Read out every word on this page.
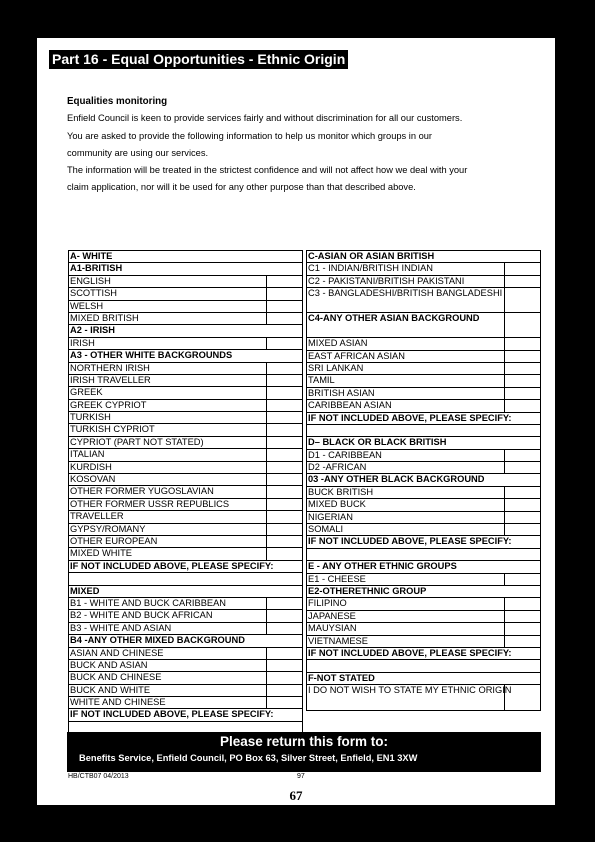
Part 16 - Equal Opportunities - Ethnic Origin
Equalities monitoring
Enfield Council is keen to provide services fairly and without discrimination for all our customers.
You are asked to provide the following information to help us monitor which groups in our
community are using our services.
The information will be treated in the strictest confidence and will not affect how we deal with your
claim application, nor will it be used for any other purpose than that described above.
A- WHITE
A1-BRITISH
ENGLISH
SCOTTISH
WELSH
MIXED BRITISH
A2 - IRISH
IRISH
A3 - OTHER WHITE BACKGROUNDS
NORTHERN IRISH
IRISH TRAVELLER
GREEK
GREEK CYPRIOT
TURKISH
TURKISH CYPRIOT
CYPRIOT (PART NOT STATED)
ITALIAN
KURDISH
KOSOVAN
OTHER FORMER YUGOSLAVIAN
OTHER FORMER USSR REPUBLICS
TRAVELLER
GYPSY/ROMANY
OTHER EUROPEAN
MIXED WHITE
IF NOT INCLUDED ABOVE, PLEASE SPECIFY:
MIXED
B1 - WHITE AND BUCK CARIBBEAN
B2 - WHITE AND BUCK AFRICAN
B3 - WHITE AND ASIAN
B4 -ANY OTHER MIXED BACKGROUND
ASIAN AND CHINESE
BUCK AND ASIAN
BUCK AND CHINESE
BUCK AND WHITE
WHITE AND CHINESE
IF NOT INCLUDED ABOVE, PLEASE SPECIFY:
C-ASIAN OR ASIAN BRITISH
C1 - INDIAN/BRITISH INDIAN
C2 - PAKISTANI/BRITISH PAKISTANI
C3 - BANGLADESHI/BRITISH BANGLADESHI
C4-ANY OTHER ASIAN BACKGROUND
MIXED ASIAN
EAST AFRICAN ASIAN
SRI LANKAN
TAMIL
BRITISH ASIAN
CARIBBEAN ASIAN
IF NOT INCLUDED ABOVE, PLEASE SPECIFY:
D– BLACK OR BLACK BRITISH
D1 - CARIBBEAN
D2 -AFRICAN
03 -ANY OTHER BLACK BACKGROUND
BUCK BRITISH
MIXED BUCK
NIGERIAN
SOMALI
IF NOT INCLUDED ABOVE, PLEASE SPECIFY:
E - ANY OTHER ETHNIC GROUPS
E1 - CHEESE
E2-OTHERETHNIC GROUP
FILIPINO
JAPANESE
MAUYSIAN
VIETNAMESE
IF NOT INCLUDED ABOVE, PLEASE SPECIFY:
F-NOT STATED
I DO NOT WISH TO STATE MY ETHNIC ORIGIN
Please return this form to:
Benefits Service, Enfield Council, PO Box 63, Silver Street, Enfield, EN1 3XW
HB/CTB07 04/2013	97
67
